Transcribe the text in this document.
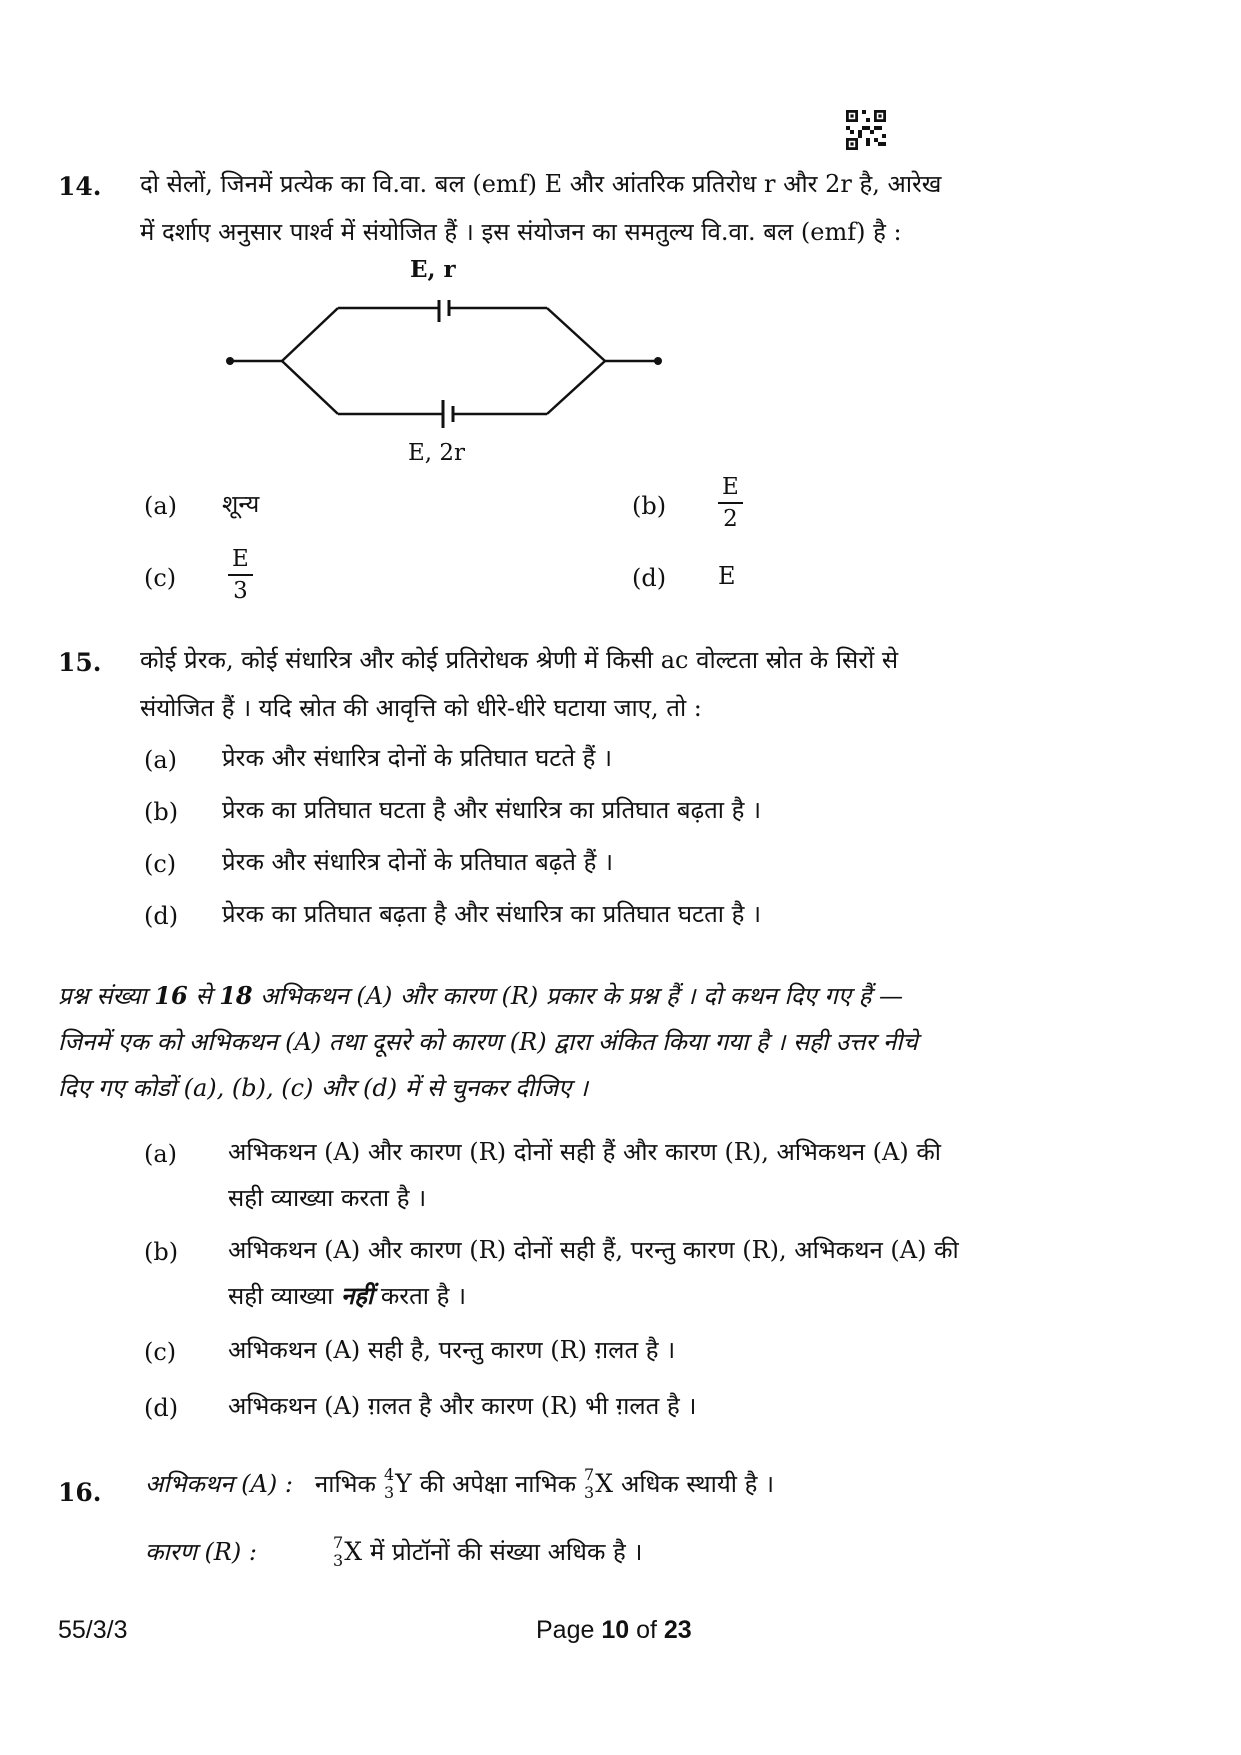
14. दो सेलों, जिनमें प्रत्येक का वि.वा. बल (emf) E और आंतरिक प्रतिरोध r और 2r है, आरेख
में दर्शाए अनुसार पार्श्व में संयोजित हैं । इस संयोजन का समतुल्य वि.वा. बल (emf) है :
E, r
E, 2r
(a) शून्य	$(b) \frac{E}{2}$
$(c) \frac{E}{3}$	(d) E
15. कोई प्रेरक, कोई संधारित्र और कोई प्रतिरोधक श्रेणी में किसी ac वोल्टता स्रोत के सिरों से
संयोजित हैं । यदि स्रोत की आवृत्ति को धीरे-धीरे घटाया जाए, तो :
(a) प्रेरक और संधारित्र दोनों के प्रतिघात घटते हैं ।
(b) प्रेरक का प्रतिघात घटता है और संधारित्र का प्रतिघात बढ़ता है ।
(c) प्रेरक और संधारित्र दोनों के प्रतिघात बढ़ते हैं ।
(d) प्रेरक का प्रतिघात बढ़ता है और संधारित्र का प्रतिघात घटता है ।
प्रश्न संख्या 16 से 18 अभिकथन (A) और कारण (R) प्रकार के प्रश्न हैं । दो कथन दिए गए हैं —
जिनमें एक को अभिकथन (A) तथा दूसरे को कारण (R) द्वारा अंकित किया गया है । सही उत्तर नीचे
दिए गए कोडों (a), (b), (c) और (d) में से चुनकर दीजिए ।
(a) अभिकथन (A) और कारण (R) दोनों सही हैं और कारण (R), अभिकथन (A) की
सही व्याख्या करता है ।
(b) अभिकथन (A) और कारण (R) दोनों सही हैं, परन्तु कारण (R), अभिकथन (A) की
सही व्याख्या नहीं करता है ।
(c) अभिकथन (A) सही है, परन्तु कारण (R) ग़लत है ।
(d) अभिकथन (A) ग़लत है और कारण (R) भी ग़लत है ।
16. अभिकथन (A) : नाभिक 4
3 Y की अपेक्षा नाभिक 7
3 X अधिक स्थायी है ।
कारण (R) :	7
3 X में प्रोटॉनों की संख्या अधिक है ।
55/3/3	Page 10 of 23
